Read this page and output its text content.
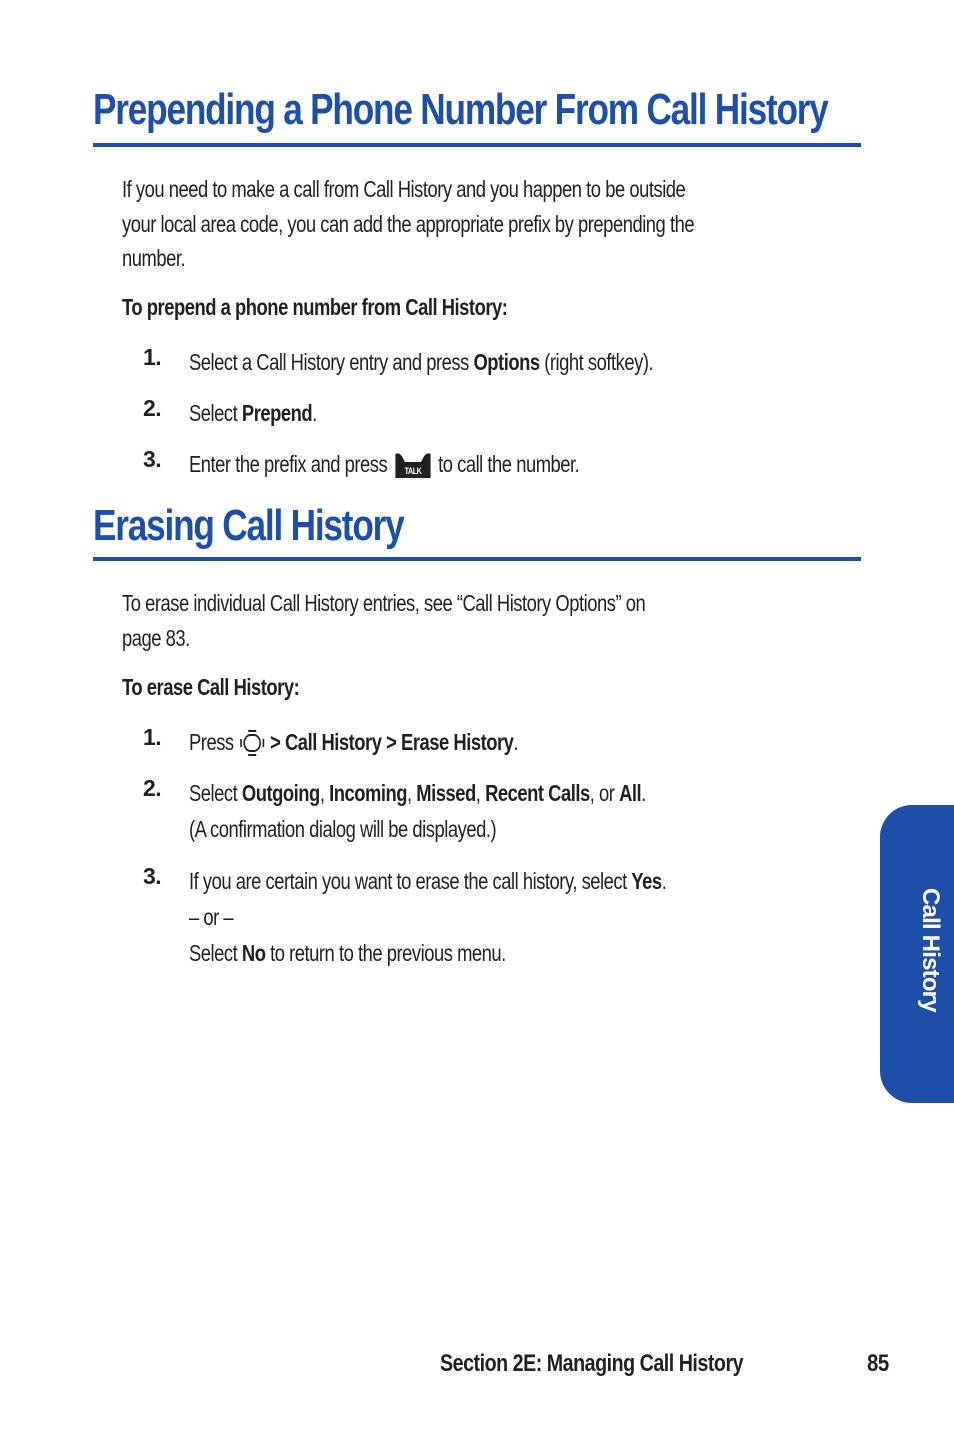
Prepending a Phone Number From Call History
If you need to make a call from Call History and you happen to be outside
your local area code, you can add the appropriate prefix by prepending the
number.
To prepend a phone number from Call History:
1. Select a Call History entry and press Options (right softkey).
2. Select Prepend.
3. Enter the prefix and press TALK to call the number.
Erasing Call History
To erase individual Call History entries, see “Call History Options” on
page 83.
To erase Call History:
1. Press  > Call History > Erase History.
2. Select Outgoing, Incoming, Missed, Recent Calls, or All.
(A confirmation dialog will be displayed.)
3. If you are certain you want to erase the call history, select Yes.
– or –
Select No to return to the previous menu.	Call History
Section 2E: Managing Call History	85
